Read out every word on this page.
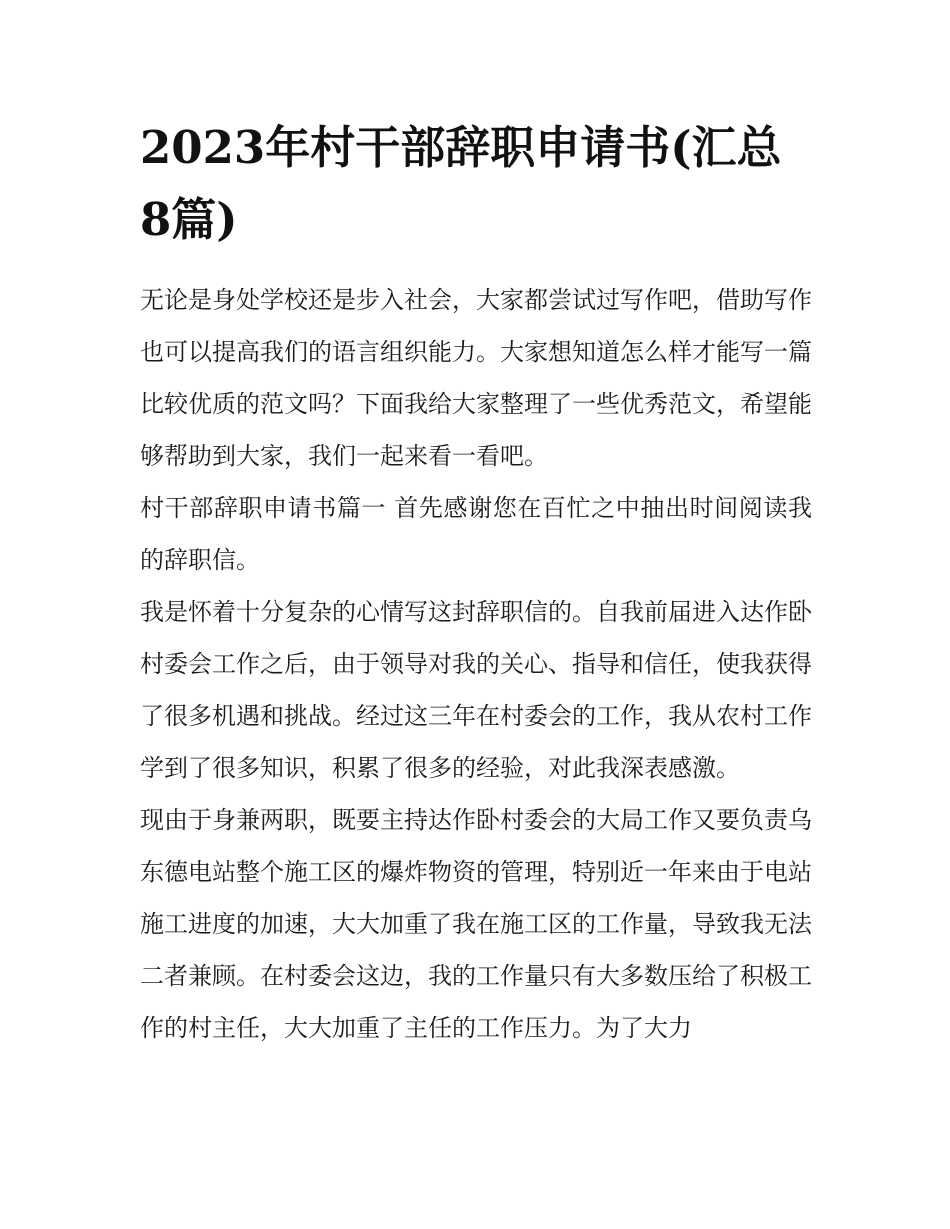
2023年村干部辞职申请书(汇总8篇)

无论是身处学校还是步入社会，大家都尝试过写作吧，借助写作也可以提高我们的语言组织能力。大家想知道怎么样才能写一篇比较优质的范文吗？下面我给大家整理了一些优秀范文，希望能够帮助到大家，我们一起来看一看吧。

村干部辞职申请书篇一 首先感谢您在百忙之中抽出时间阅读我的辞职信。

我是怀着十分复杂的心情写这封辞职信的。自我前届进入达作卧村委会工作之后，由于领导对我的关心、指导和信任，使我获得了很多机遇和挑战。经过这三年在村委会的工作，我从农村工作学到了很多知识，积累了很多的经验，对此我深表感激。

现由于身兼两职，既要主持达作卧村委会的大局工作又要负责乌东德电站整个施工区的爆炸物资的管理，特别近一年来由于电站施工进度的加速，大大加重了我在施工区的工作量，导致我无法二者兼顾。在村委会这边，我的工作量只有大多数压给了积极工作的村主任，大大加重了主任的工作压力。为了大力
